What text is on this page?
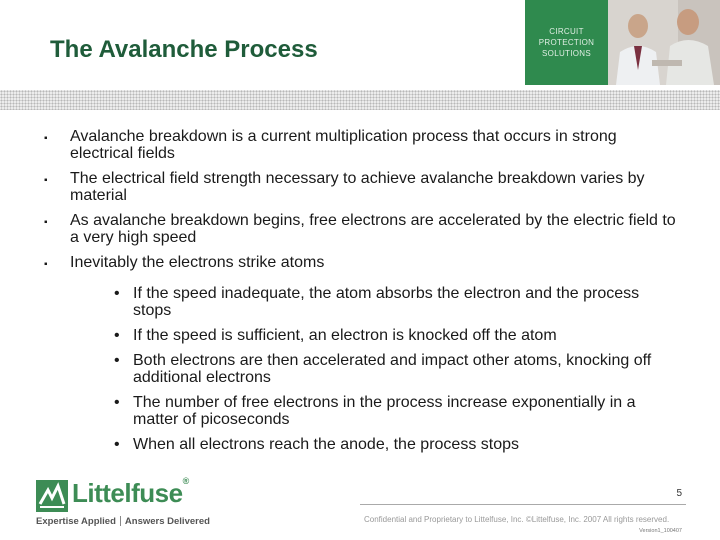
The Avalanche Process
CIRCUIT
PROTECTION
SOLUTIONS
▪ Avalanche breakdown is a current multiplication process that occurs in strong electrical fields
▪ The electrical field strength necessary to achieve avalanche breakdown varies by material
▪ As avalanche breakdown begins, free electrons are accelerated by the electric field to a very high speed
▪ Inevitably the electrons strike atoms
• If the speed inadequate, the atom absorbs the electron and the process stops
• If the speed is sufficient, an electron is knocked off the atom
• Both electrons are then accelerated and impact other atoms, knocking off additional electrons
• The number of free electrons in the process increase exponentially in a matter of picoseconds
• When all electrons reach the anode, the process stops
Littelfuse®
Expertise Applied Answers Delivered
5
Confidential and Proprietary to Littelfuse, Inc. ©Littelfuse, Inc. 2007 All rights reserved.
Version1_100407
